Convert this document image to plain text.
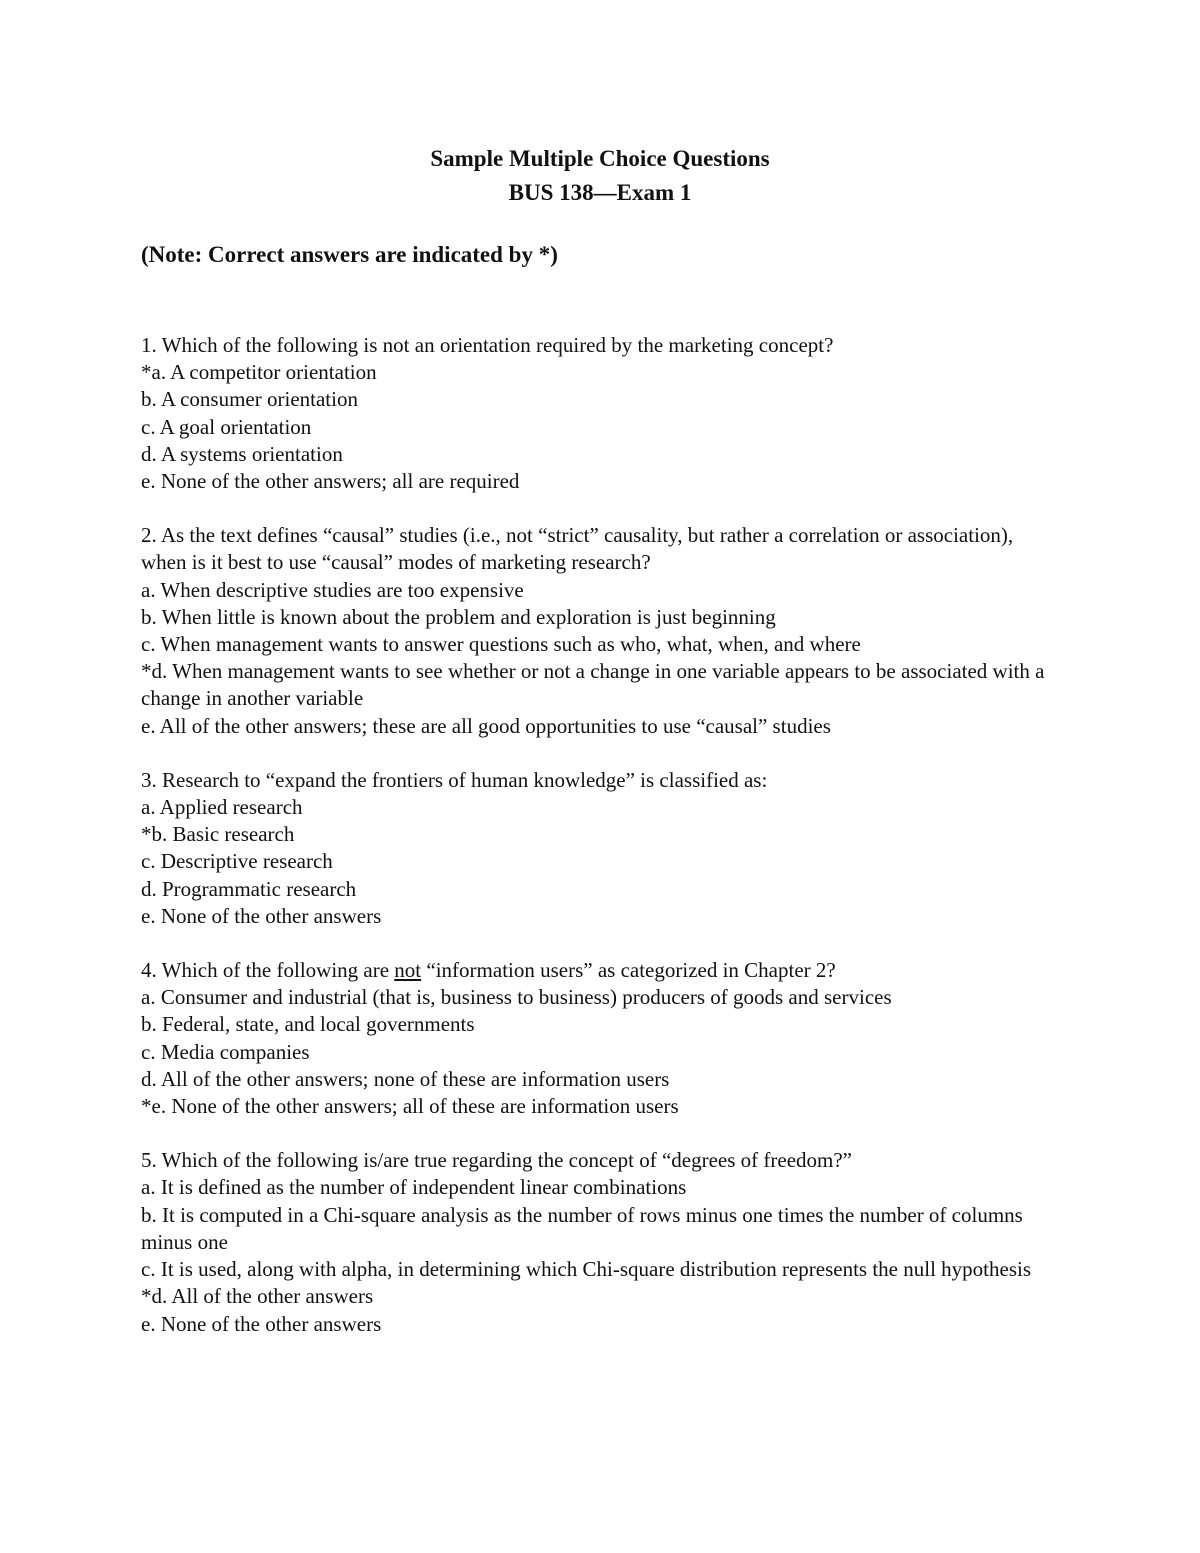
Sample Multiple Choice Questions

BUS 138—Exam 1

(Note: Correct answers are indicated by *)

1. Which of the following is not an orientation required by the marketing concept?

*a. A competitor orientation

b. A consumer orientation

c. A goal orientation

d. A systems orientation

e. None of the other answers; all are required

2. As the text defines “causal” studies (i.e., not “strict” causality, but rather a correlation or association), when is it best to use “causal” modes of marketing research?

a. When descriptive studies are too expensive

b. When little is known about the problem and exploration is just beginning

c. When management wants to answer questions such as who, what, when, and where

*d. When management wants to see whether or not a change in one variable appears to be associated with a change in another variable

e. All of the other answers; these are all good opportunities to use “causal” studies

3. Research to “expand the frontiers of human knowledge” is classified as:

a. Applied research

*b. Basic research

c. Descriptive research

d. Programmatic research

e. None of the other answers

4. Which of the following are not “information users” as categorized in Chapter 2?

a. Consumer and industrial (that is, business to business) producers of goods and services

b. Federal, state, and local governments

c. Media companies

d. All of the other answers; none of these are information users

*e. None of the other answers; all of these are information users

5. Which of the following is/are true regarding the concept of “degrees of freedom?”

a. It is defined as the number of independent linear combinations

b. It is computed in a Chi-square analysis as the number of rows minus one times the number of columns minus one

c. It is used, along with alpha, in determining which Chi-square distribution represents the null hypothesis

*d. All of the other answers

e. None of the other answers
